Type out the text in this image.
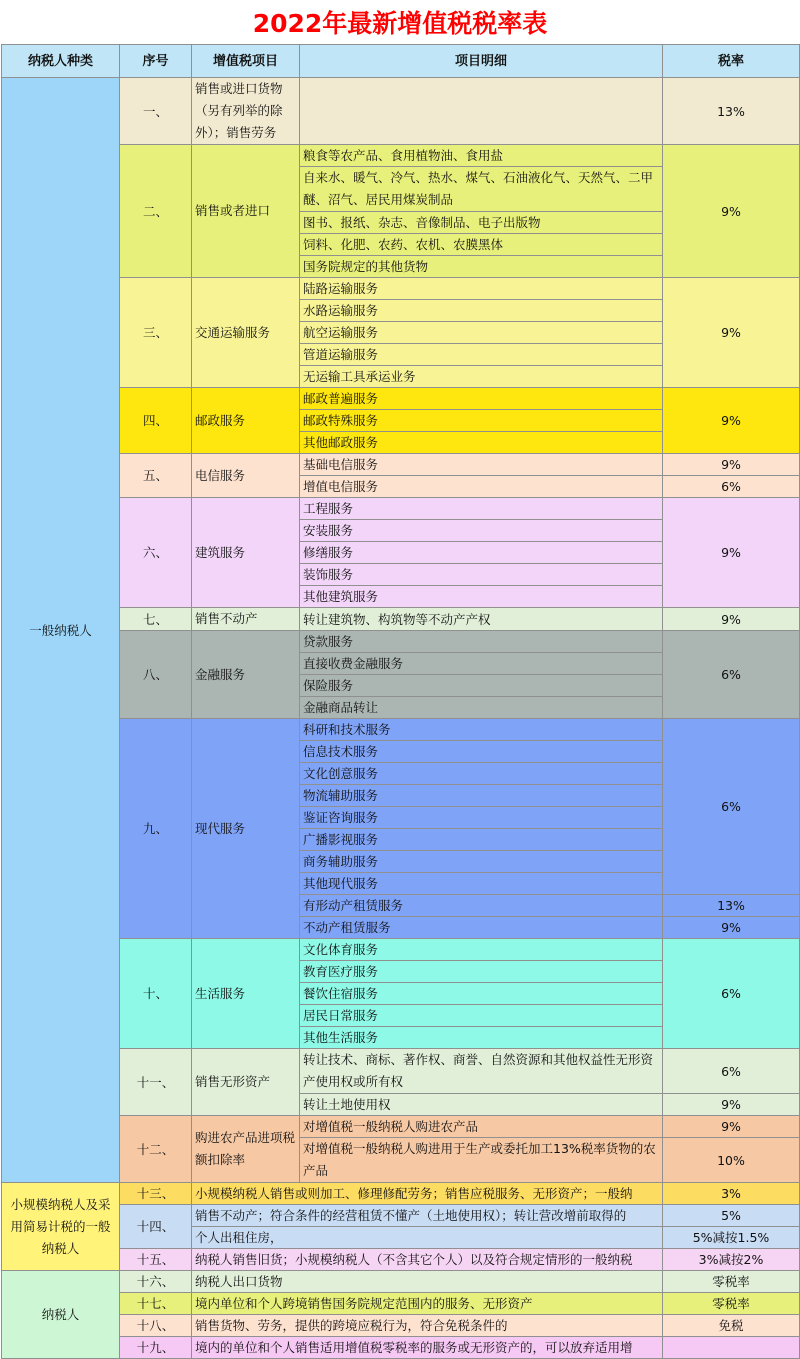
2022年最新增值税税率表
纳税人种类	序号	增值税项目	项目明细	税率
一般纳税人	一、	销售或进口货物（另有列举的除外）；销售劳务		13%

	二、	销售或者进口	粮食等农产品、食用植物油、食用盐	9%
			自来水、暖气、冷气、热水、煤气、石油液化气、天然气、二甲醚、沼气、居民用煤炭制品	

			图书、报纸、杂志、音像制品、电子出版物	
			饲料、化肥、农药、农机、农膜黑体	
			国务院规定的其他货物	
	三、	交通运输服务	陆路运输服务	9%
			水路运输服务	
			航空运输服务	
			管道运输服务	
			无运输工具承运业务	
	四、	邮政服务	邮政普遍服务	9%
			邮政特殊服务	
			其他邮政服务	
	五、	电信服务	基础电信服务	9%
			增值电信服务	6%
	六、	建筑服务	工程服务	9%
			安装服务	
			修缮服务	
			装饰服务	
			其他建筑服务	
	七、	销售不动产	转让建筑物、构筑物等不动产产权	9%
	八、	金融服务	贷款服务	6%
			直接收费金融服务	
			保险服务	
			金融商品转让	
	九、	现代服务	科研和技术服务	6%
			信息技术服务	
			文化创意服务	
			物流辅助服务	
			鉴证咨询服务	
			广播影视服务	
			商务辅助服务	
			其他现代服务	
			有形动产租赁服务	13%
			不动产租赁服务	9%
	十、	生活服务	文化体育服务	6%
			教育医疗服务	
			餐饮住宿服务	
			居民日常服务	
			其他生活服务	
	十一、	销售无形资产	转让技术、商标、著作权、商誉、自然资源和其他权益性无形资产使用权或所有权	6%

			转让土地使用权	9%
	十二、	购进农产品进项税额扣除率	对增值税一般纳税人购进农产品	9%
			对增值税一般纳税人购进用于生产或委托加工13%税率货物的农产品	10%

小规模纳税人及采用简易计税的一般纳税人	十三、	小规模纳税人销售或则加工、修理修配劳务；销售应税服务、无形资产；一般纳		3%
	十四、	销售不动产；符合条件的经营租赁不懂产（土地使用权）；转让营改增前取得的		5%
		个人出租住房，		5%减按1.5%
	十五、	纳税人销售旧货；小规模纳税人（不含其它个人）以及符合规定情形的一般纳税		3%减按2%
纳税人	十六、	纳税人出口货物		零税率
	十七、	境内单位和个人跨境销售国务院规定范围内的服务、无形资产		零税率
	十八、	销售货物、劳务，提供的跨境应税行为，符合免税条件的		免税
	十九、	境内的单位和个人销售适用增值税零税率的服务或无形资产的，可以放弃适用增		
